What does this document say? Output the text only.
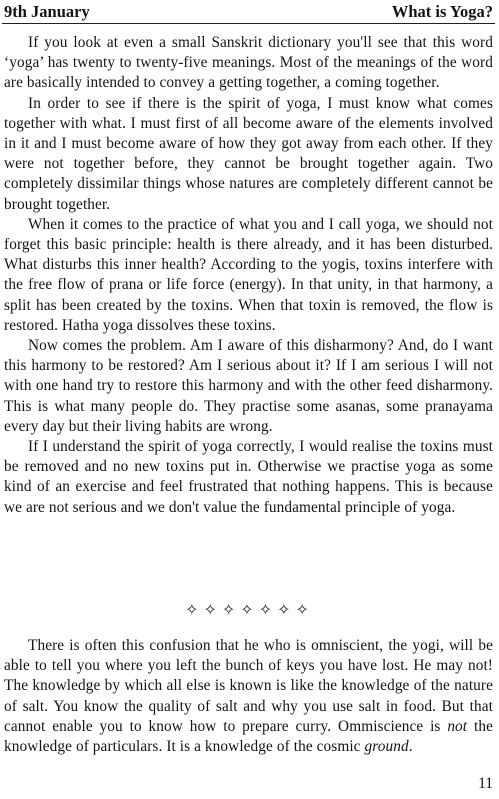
9th January	What is Yoga?

If you look at even a small Sanskrit dictionary you'll see that this word ‘yoga’ has twenty to twenty-five meanings. Most of the meanings of the word are basically intended to convey a getting together, a coming together.

In order to see if there is the spirit of yoga, I must know what comes together with what. I must first of all become aware of the elements involved in it and I must become aware of how they got away from each other. If they were not together before, they cannot be brought together again. Two completely dissimilar things whose natures are completely different cannot be brought together.

When it comes to the practice of what you and I call yoga, we should not forget this basic principle: health is there already, and it has been disturbed. What disturbs this inner health? According to the yogis, toxins interfere with the free flow of prana or life force (energy). In that unity, in that harmony, a split has been created by the toxins. When that toxin is removed, the flow is restored. Hatha yoga dissolves these toxins.

Now comes the problem. Am I aware of this disharmony? And, do I want this harmony to be restored? Am I serious about it? If I am serious I will not with one hand try to restore this harmony and with the other feed disharmony. This is what many people do. They practise some asanas, some pranayama every day but their living habits are wrong.

If I understand the spirit of yoga correctly, I would realise the toxins must be removed and no new toxins put in. Otherwise we practise yoga as some kind of an exercise and feel frustrated that nothing happens. This is because we are not serious and we don't value the fundamental principle of yoga.

✧✧✧✧✧✧✧

There is often this confusion that he who is omniscient, the yogi, will be able to tell you where you left the bunch of keys you have lost. He may not! The knowledge by which all else is known is like the knowledge of the nature of salt. You know the quality of salt and why you use salt in food. But that cannot enable you to know how to prepare curry. Ommiscience is not the knowledge of particulars. It is a knowledge of the cosmic ground.

11
